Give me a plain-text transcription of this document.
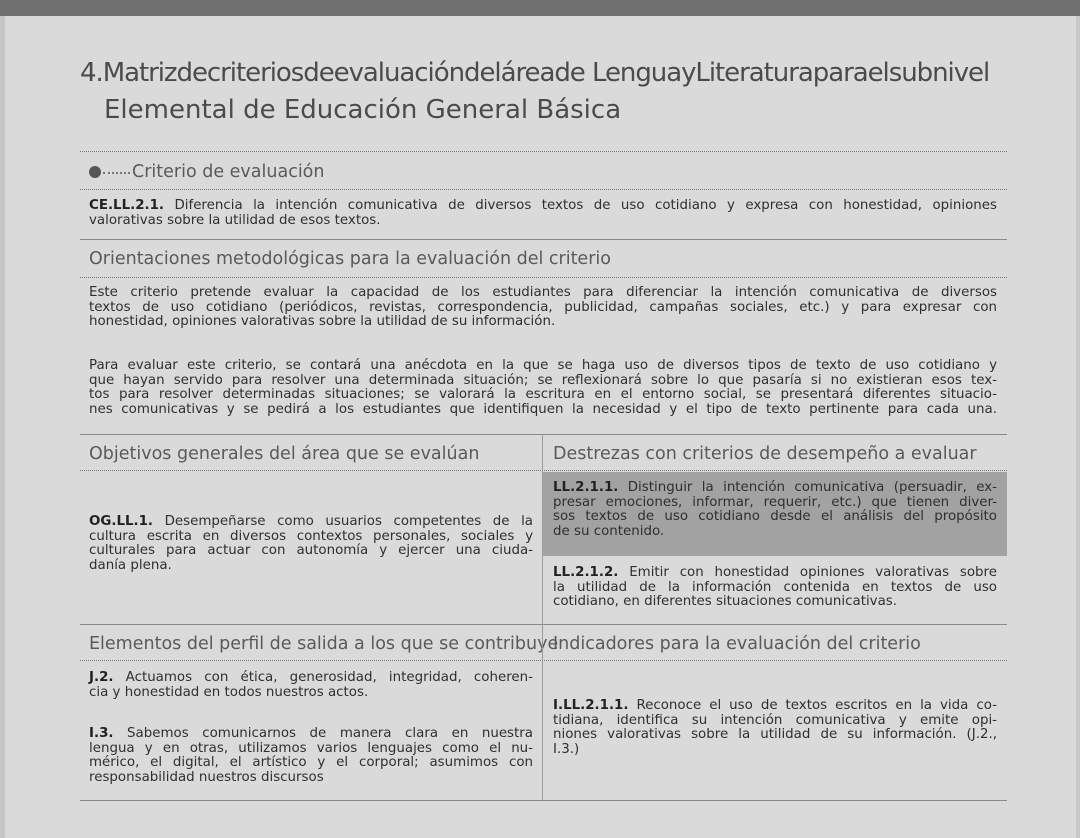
4.Matrizdecriteriosdeevaluacióndeláreade LenguayLiteraturaparaelsubnivel
Elemental de Educación General Básica
Criterio de evaluación
CE.LL.2.1. Diferencia la intención comunicativa de diversos textos de uso cotidiano y expresa con honestidad, opiniones
valorativas sobre la utilidad de esos textos.
Orientaciones metodológicas para la evaluación del criterio
Este criterio pretende evaluar la capacidad de los estudiantes para diferenciar la intención comunicativa de diversos
textos de uso cotidiano (periódicos, revistas, correspondencia, publicidad, campañas sociales, etc.) y para expresar con
honestidad, opiniones valorativas sobre la utilidad de su información.
Para evaluar este criterio, se contará una anécdota en la que se haga uso de diversos tipos de texto de uso cotidiano y
que hayan servido para resolver una determinada situación; se reflexionará sobre lo que pasaría si no existieran esos tex-
tos para resolver determinadas situaciones; se valorará la escritura en el entorno social, se presentará diferentes situacio-
nes comunicativas y se pedirá a los estudiantes que identifiquen la necesidad y el tipo de texto pertinente para cada una.
Objetivos generales del área que se evalúan	Destrezas con criterios de desempeño a evaluar
OG.LL.1. Desempeñarse como usuarios competentes de la
cultura escrita en diversos contextos personales, sociales y
culturales para actuar con autonomía y ejercer una ciuda-
danía plena.
LL.2.1.1. Distinguir la intención comunicativa (persuadir, ex-
presar emociones, informar, requerir, etc.) que tienen diver-
sos textos de uso cotidiano desde el análisis del propósito
de su contenido.
LL.2.1.2. Emitir con honestidad opiniones valorativas sobre
la utilidad de la información contenida en textos de uso
cotidiano, en diferentes situaciones comunicativas.
Elementos del perfil de salida a los que se contribuye
Indicadores para la evaluación del criterio
J.2. Actuamos con ética, generosidad, integridad, coheren-
cia y honestidad en todos nuestros actos.
I.3. Sabemos comunicarnos de manera clara en nuestra
lengua y en otras, utilizamos varios lenguajes como el nu-
mérico, el digital, el artístico y el corporal; asumimos con
responsabilidad nuestros discursos
I.LL.2.1.1. Reconoce el uso de textos escritos en la vida co-
tidiana, identifica su intención comunicativa y emite opi-
niones valorativas sobre la utilidad de su información. (J.2.,
I.3.)
